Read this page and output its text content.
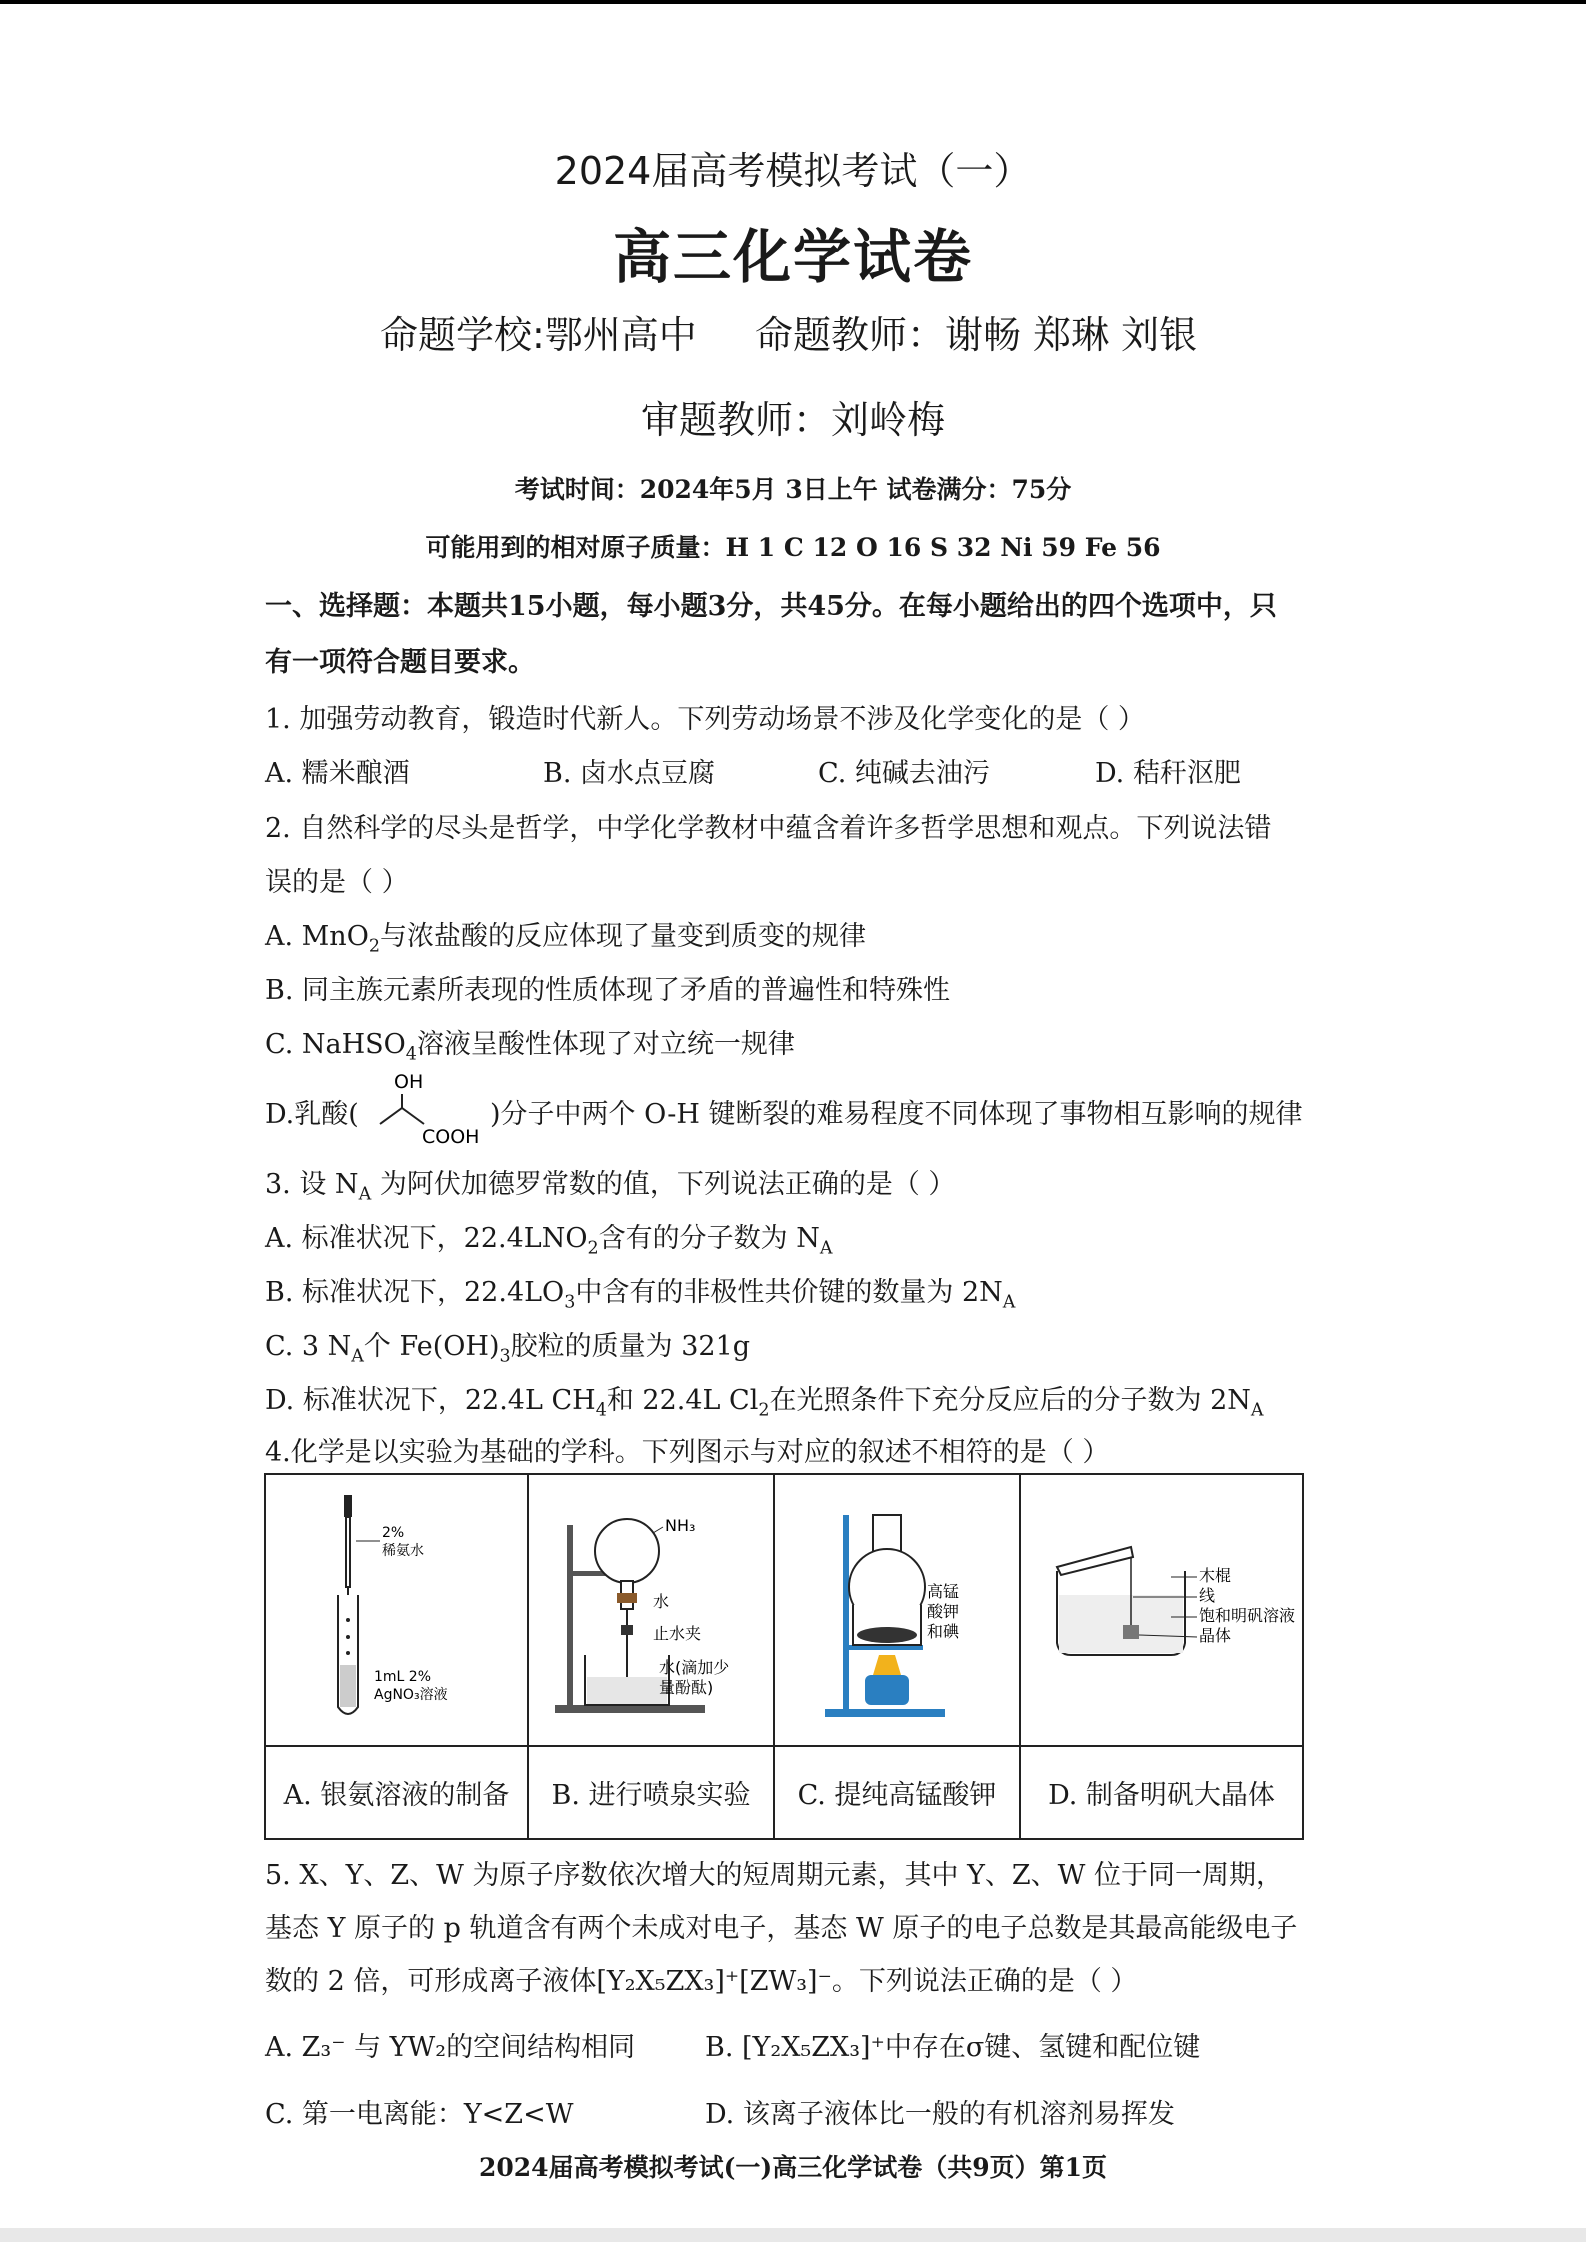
2024届高考模拟考试（一）
高三化学试卷
命题学校:鄂州高中 命题教师：谢畅 郑琳 刘银
审题教师：刘岭梅
考试时间：2024年5月 3日上午 试卷满分：75分
可能用到的相对原子质量：H 1 C 12 O 16 S 32 Ni 59 Fe 56
一、选择题：本题共15小题，每小题3分，共45分。在每小题给出的四个选项中，只
有一项符合题目要求。
1. 加强劳动教育，锻造时代新人。下列劳动场景不涉及化学变化的是（ ）
A. 糯米酿酒	B. 卤水点豆腐	C. 纯碱去油污	D. 秸秆沤肥
2. 自然科学的尽头是哲学，中学化学教材中蕴含着许多哲学思想和观点。下列说法错
误的是（ ）
A. MnO$_2$与浓盐酸的反应体现了量变到质变的规律
B. 同主族元素所表现的性质体现了矛盾的普遍性和特殊性
C. NaHSO$_4$溶液呈酸性体现了对立统一规律
D.乳酸(
OH
COOH
)分子中两个 O-H 键断裂的难易程度不同体现了事物相互影响的规律
3. 设 $N_A$ 为阿伏加德罗常数的值，下列说法正确的是（ ）
A. 标准状况下，$22.4LNO_2$含有的分子数为 $N_A$
B. 标准状况下，$22.4LO_3$中含有的非极性共价键的数量为 $2N_A$
C. 3 $N_A$个 $Fe(OH)_3$胶粒的质量为 321g
D. 标准状况下，22.4L $CH_4$和 22.4L $Cl_2$在光照条件下充分反应后的分子数为 $2N_A$
4.化学是以实验为基础的学科。下列图示与对应的叙述不相符的是（ ）
2%
稀氨水
1mL 2%
AgNO₃溶液
NH₃
水
止水夹
水(滴加少
量酚酞)
高锰
酸钾
和碘
木棍
线
饱和明矾溶液
晶体
A. 银氨溶液的制备	B. 进行喷泉实验	C. 提纯高锰酸钾	D. 制备明矾大晶体
5. X、Y、Z、W 为原子序数依次增大的短周期元素，其中 Y、Z、W 位于同一周期，
基态 Y 原子的 p 轨道含有两个未成对电子，基态 W 原子的电子总数是其最高能级电子
数的 2 倍，可形成离子液体[Y₂X₅ZX₃]⁺[ZW₃]⁻。下列说法正确的是（ ）
A. Z₃⁻ 与 YW₂的空间结构相同	B. [Y₂X₅ZX₃]⁺中存在σ键、氢键和配位键
C. 第一电离能：Y<Z<W	D. 该离子液体比一般的有机溶剂易挥发
2024届高考模拟考试(一)高三化学试卷（共9页）第1页
